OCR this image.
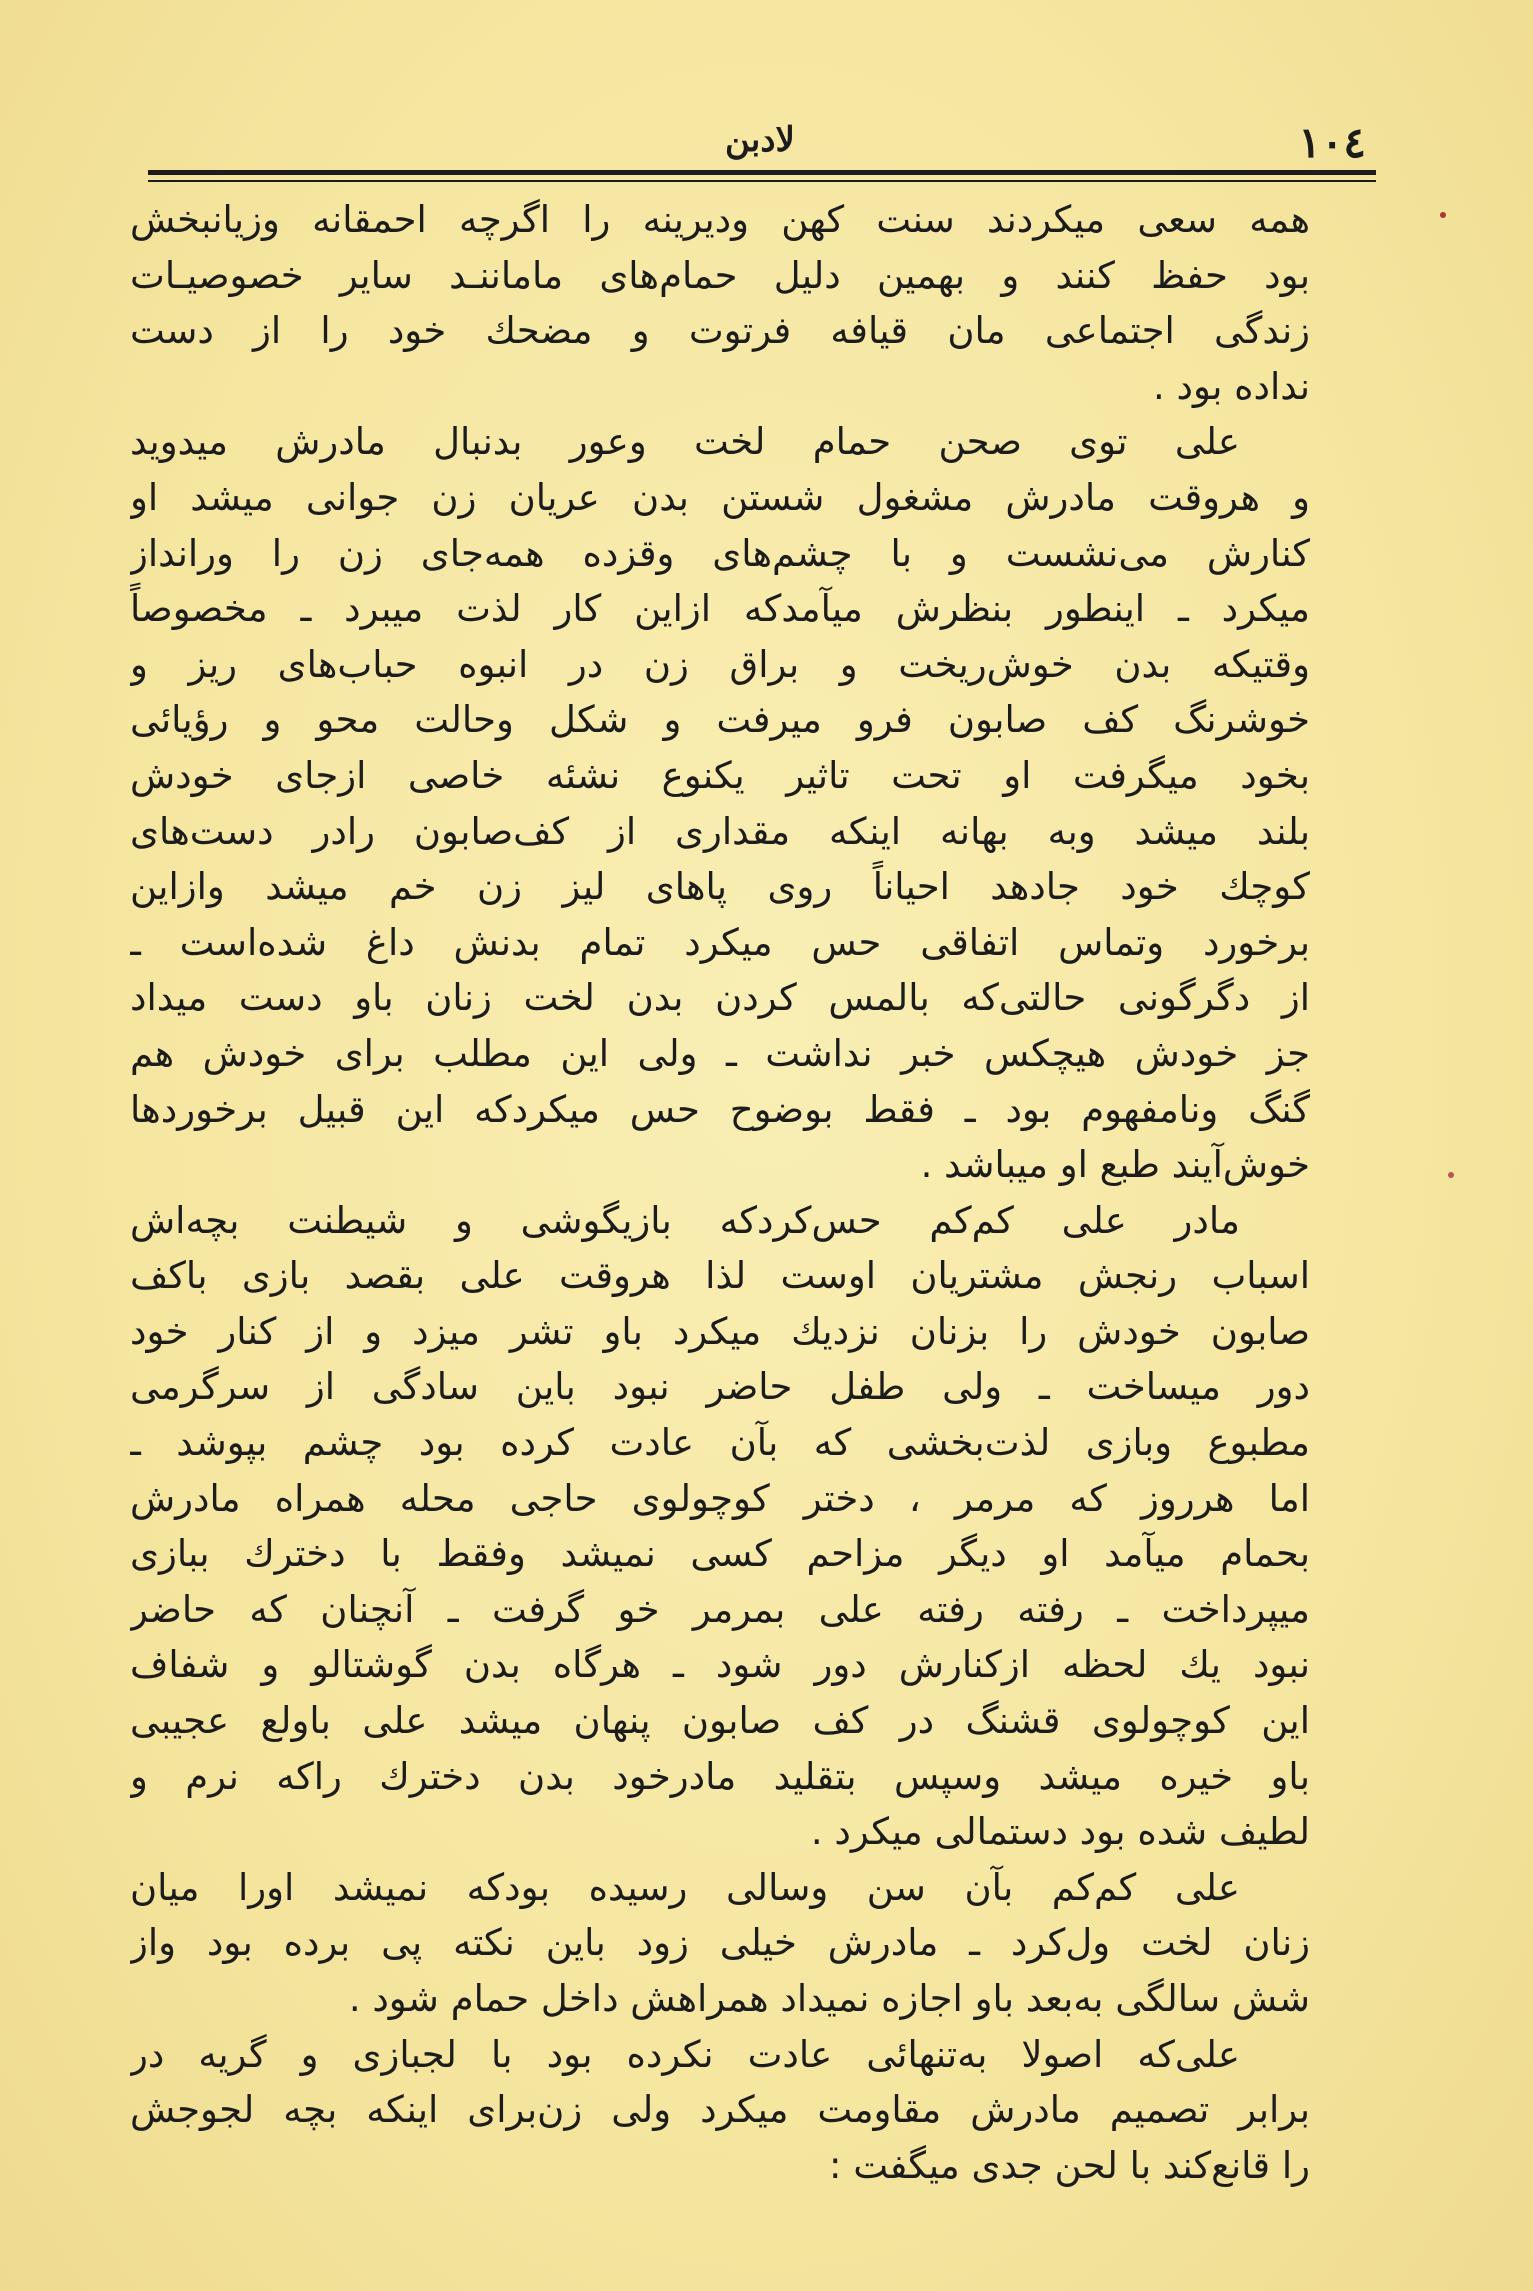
١٠٤
لادبن
همه سعی میکردند سنت کهن ودیرینه را اگرچه احمقانه وزیانبخش
بود حفظ کنند و بهمین دلیل حمام‌های ماماننـد سایر خصوصیـات
زندگی اجتماعی مان قیافه فرتوت و مضحك خود را از دست
نداده بود .
علی توی صحن حمام لخت وعور بدنبال مادرش میدوید
و هروقت مادرش مشغول شستن بدن عریان زن جوانی میشد او
کنارش می‌نشست و با چشم‌های وقزده همه‌جای زن را ورانداز
میکرد ـ اینطور بنظرش میآمدکه ازاین کار لذت میبرد ـ مخصوصاً
وقتیکه بدن خوش‌ریخت و براق زن در انبوه حباب‌های ریز و
خوشرنگ کف صابون فرو میرفت و شکل وحالت محو و رؤیائی
بخود میگرفت او تحت تاثیر یکنوع نشئه خاصی ازجای خودش
بلند میشد وبه بهانه اینکه مقداری از کف‌صابون رادر دست‌های
کوچك خود جادهد احیاناً روی پاهای لیز زن خم میشد وازاین
برخورد وتماس اتفاقی حس میکرد تمام بدنش داغ شده‌است ـ
از دگرگونی حالتی‌که بالمس کردن بدن لخت زنان باو دست میداد
جز خودش هیچکس خبر نداشت ـ ولی این مطلب برای خودش هم
گنگ ونامفهوم بود ـ فقط بوضوح حس میکردکه این قبیل برخوردها
خوش‌آیند طبع او میباشد .
مادر علی کم‌کم حس‌کردکه بازیگوشی و شیطنت بچه‌اش
اسباب رنجش مشتریان اوست لذا هروقت علی بقصد بازی باکف
صابون خودش را بزنان نزدیك میکرد باو تشر میزد و از کنار خود
دور میساخت ـ ولی طفل حاضر نبود باین سادگی از سرگرمی
مطبوع وبازی لذت‌بخشی که بآن عادت کرده بود چشم بپوشد ـ
اما هرروز که مرمر ، دختر کوچولوی حاجی محله همراه مادرش
بحمام میآمد او دیگر مزاحم کسی نمیشد وفقط با دخترك ببازی
میپرداخت ـ رفته رفته علی بمرمر خو گرفت ـ آنچنان که حاضر
نبود یك لحظه ازکنارش دور شود ـ هرگاه بدن گوشتالو و شفاف
این کوچولوی قشنگ در کف صابون پنهان میشد علی باولع عجیبی
باو خیره میشد وسپس بتقلید مادرخود بدن دخترك راکه نرم و
لطیف شده بود دستمالی میکرد .
علی کم‌کم بآن سن وسالی رسیده بودکه نمیشد اورا میان
زنان لخت ول‌کرد ـ مادرش خیلی زود باین نکته پی برده بود واز
شش سالگی به‌بعد باو اجازه نمیداد همراهش داخل حمام شود .
علی‌که اصولا به‌تنهائی عادت نکرده بود با لجبازی و گریه در
برابر تصمیم مادرش مقاومت میکرد ولی زن‌برای اینکه بچه لجوجش
را قانع‌کند با لحن جدی میگفت :
